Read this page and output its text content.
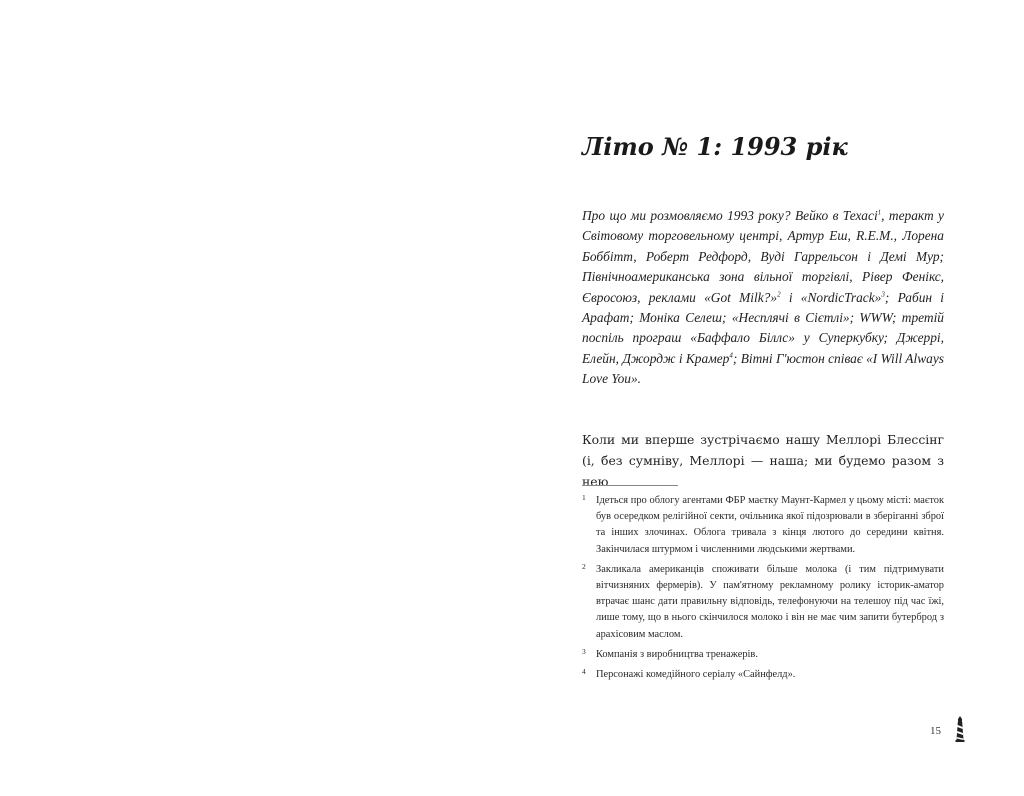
Літо № 1: 1993 рік

Про що ми розмовляємо 1993 року? Вейко в Техасі$^1$, теракт у Світовому торговельному центрі, Артур Еш, R.E.M., Лорена Боббітт, Роберт Редфорд, Вуді Гаррельсон і Демі Мур; Північноамериканська зона вільної торгівлі, Рівер Фенікс, Євросоюз, реклами «Got Milk?»$^2$ і «NordicTrack»$^3$; Рабин і Арафат; Моніка Селеш; «Несплячі в Сієтлі»; WWW; третій поспіль програш «Баффало Біллс» у Суперкубку; Джеррі, Елейн, Джордж і Крамер$^4$; Вітні Г'юстон співає «I Will Always Love You».

Коли ми вперше зустрічаємо нашу Меллорі Блессінг (і, без сумніву, Меллорі — наша; ми будемо разом з нею

1 Ідеться про облогу агентами ФБР маєтку Маунт-Кармел у цьому місті: маєток був осередком релігійної секти, очільника якої підозрювали в зберіганні зброї та інших злочинах. Облога тривала з кінця лютого до середини квітня. Закінчилася штурмом і численними людськими жертвами.
2 Закликала американців споживати більше молока (і тим підтримувати вітчизняних фермерів). У пам'ятному рекламному ролику історик-аматор втрачає шанс дати правильну відповідь, телефонуючи на телешоу під час їжі, лише тому, що в нього скінчилося молоко і він не має чим запити бутерброд з арахісовим маслом.
3 Компанія з виробництва тренажерів.
4 Персонажі комедійного серіалу «Сайнфелд».
15
